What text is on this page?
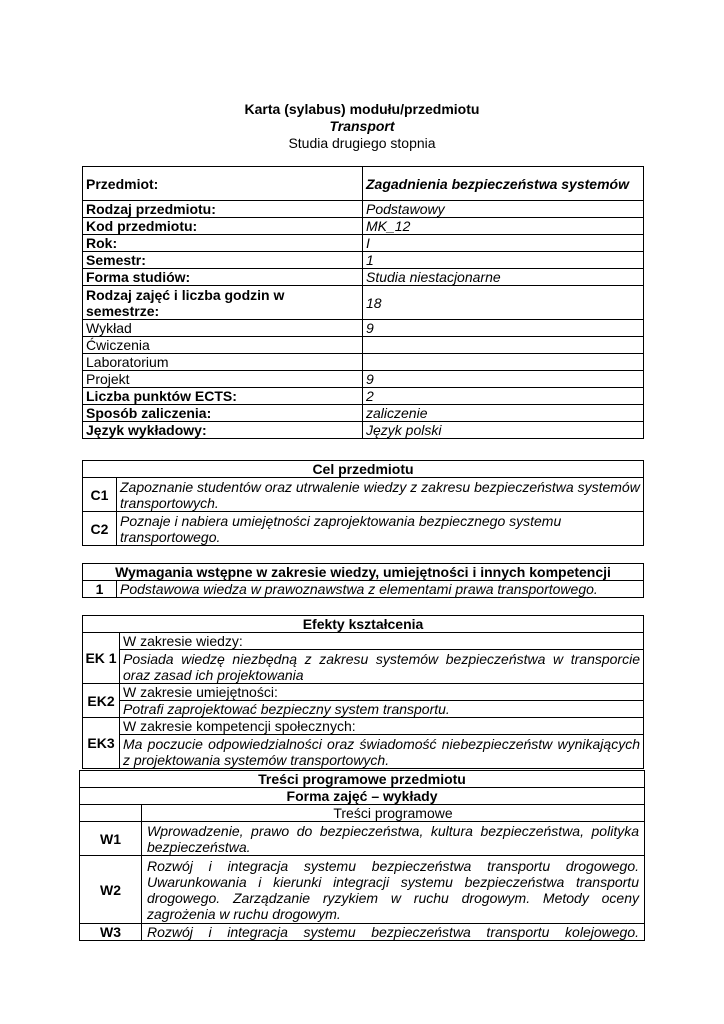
Karta (sylabus) modułu/przedmiotu
Transport
Studia drugiego stopnia
Przedmiot:	Zagadnienia bezpieczeństwa systemów
Rodzaj przedmiotu:	Podstawowy
Kod przedmiotu:	MK_12
Rok:	I
Semestr:	1
Forma studiów:	Studia niestacjonarne
Rodzaj zajęć i liczba godzin w semestrze:	18
Wykład	9
Ćwiczenia	
Laboratorium	
Projekt	9
Liczba punktów ECTS:	2
Sposób zaliczenia:	zaliczenie
Język wykładowy:	Język polski
Cel przedmiotu	
C1	Zapoznanie studentów oraz utrwalenie wiedzy z zakresu bezpieczeństwa systemów transportowych.
C2	Poznaje i nabiera umiejętności zaprojektowania bezpiecznego systemu transportowego.
Wymagania wstępne w zakresie wiedzy, umiejętności i innych kompetencji
1	Podstawowa wiedza w prawoznawstwa z elementami prawa transportowego.
Efekty kształcenia	
EK 1	W zakresie wiedzy:
	Posiada wiedzę niezbędną z zakresu systemów bezpieczeństwa w transporcie oraz zasad ich projektowania
EK2	W zakresie umiejętności:
	Potrafi zaprojektować bezpieczny system transportu.
EK3	W zakresie kompetencji społecznych:
	Ma poczucie odpowiedzialności oraz świadomość niebezpieczeństw wynikających z projektowania systemów transportowych.
Treści programowe przedmiotu	
Forma zajęć – wykłady	
	Treści programowe
W1	Wprowadzenie, prawo do bezpieczeństwa, kultura bezpieczeństwa, polityka bezpieczeństwa.
W2	Rozwój i integracja systemu bezpieczeństwa transportu drogowego. Uwarunkowania i kierunki integracji systemu bezpieczeństwa transportu drogowego. Zarządzanie ryzykiem w ruchu drogowym. Metody oceny zagrożenia w ruchu drogowym.
W3	Rozwój i integracja systemu bezpieczeństwa transportu kolejowego.
